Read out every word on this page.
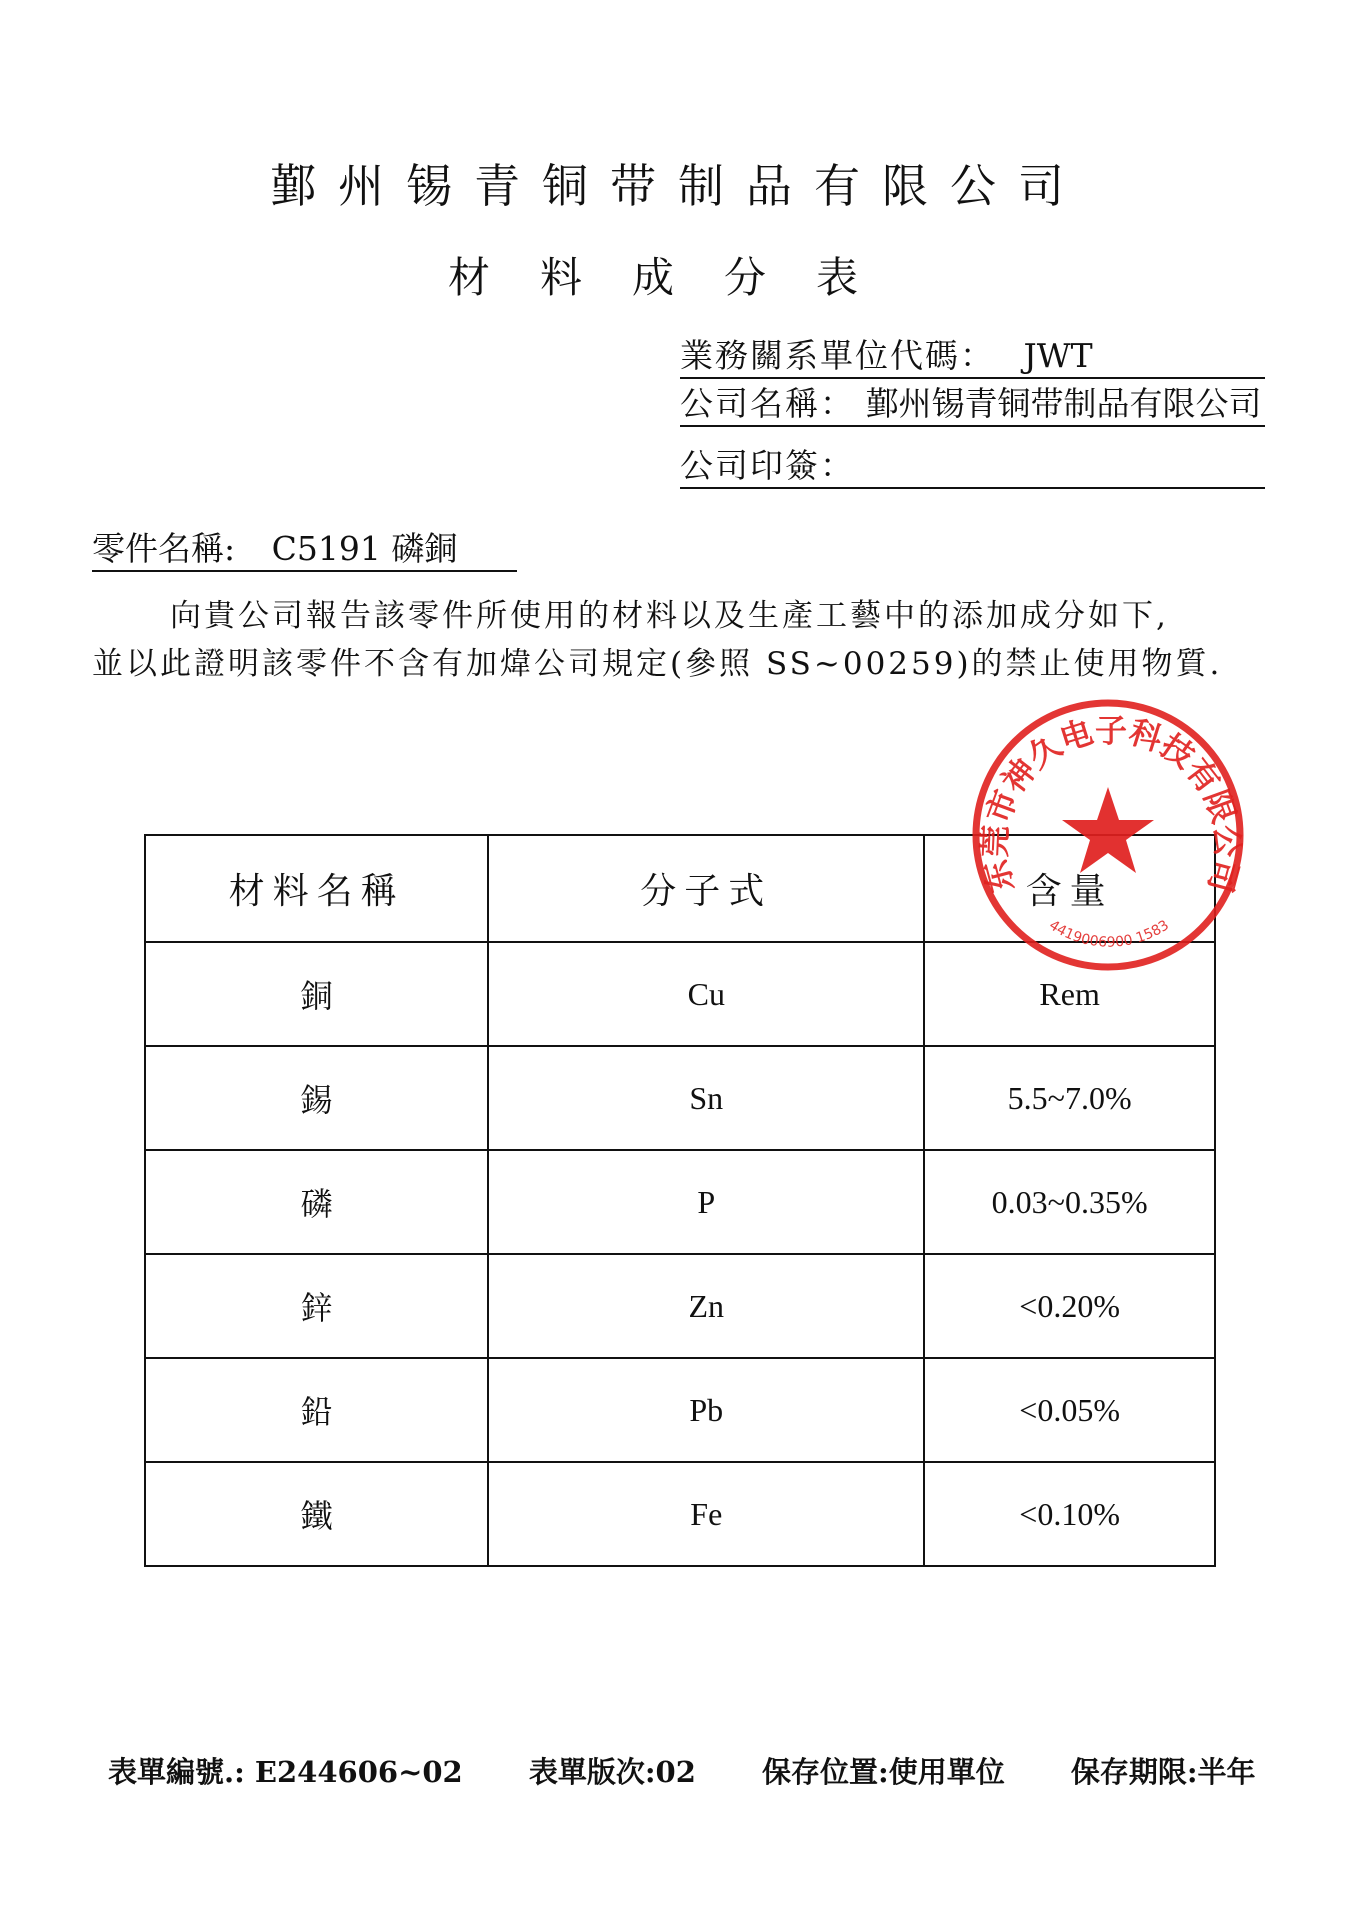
鄞州锡青铜带制品有限公司
材料成分表
業務關系單位代碼： JWT
公司名稱： 鄞州锡青铜带制品有限公司
公司印簽：
零件名稱: C5191 磷銅
向貴公司報告該零件所使用的材料以及生產工藝中的添加成分如下,
並以此證明該零件不含有加煒公司規定(參照 SS~00259)的禁止使用物質.
材料名稱	分子式	含量
銅	Cu	Rem
錫	Sn	5.5~7.0%
磷	P	0.03~0.35%
鋅	Zn	<0.20%
鉛	Pb	<0.05%
鐵	Fe	<0.10%
东莞市神久电子科技有限公司
4419006900 1583
表單編號.: E244606~02 表單版次:02 保存位置:使用單位 保存期限:半年
